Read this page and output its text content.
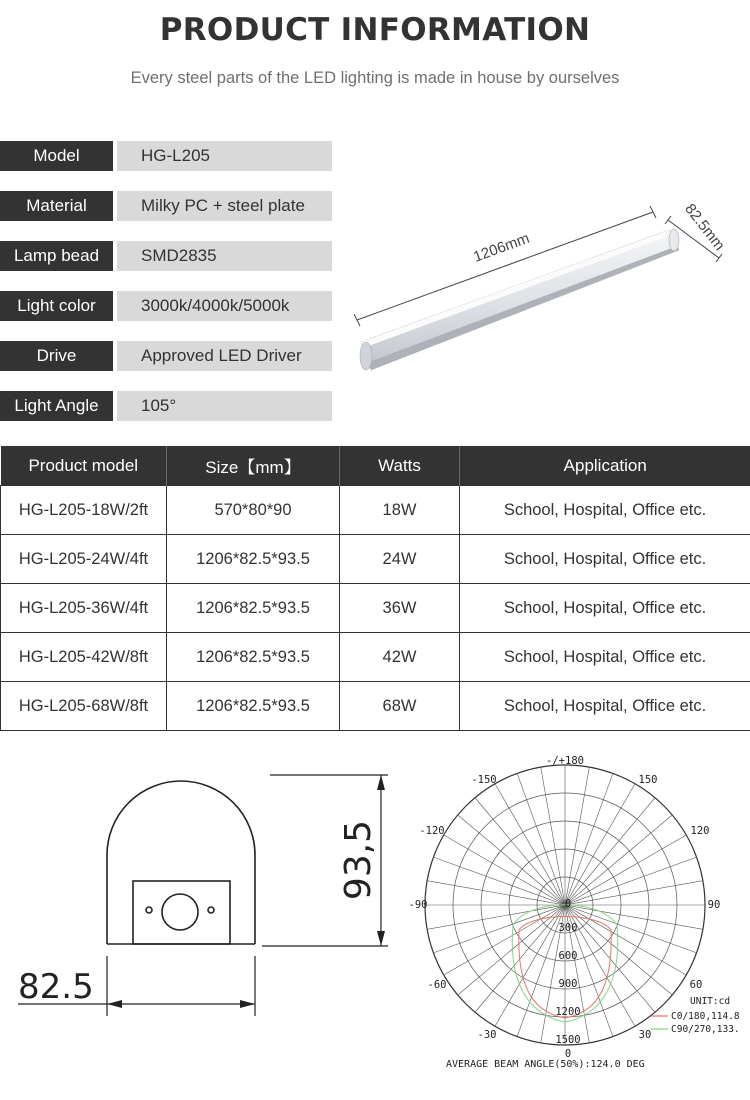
PRODUCT INFORMATION
Every steel parts of the LED lighting is made in house by ourselves
Model	HG-L205
Material	Milky PC + steel plate
Lamp bead	SMD2835
Light color	3000k/4000k/5000k
Drive	Approved LED Driver
Light Angle	105°
1206mm	82.5mm
Product model	Size【mm】	Watts	Application
HG-L205-18W/2ft	570*80*90	18W	School, Hospital, Office etc.
HG-L205-24W/4ft	1206*82.5*93.5	24W	School, Hospital, Office etc.
HG-L205-36W/4ft	1206*82.5*93.5	36W	School, Hospital, Office etc.
HG-L205-42W/8ft	1206*82.5*93.5	42W	School, Hospital, Office etc.
HG-L205-68W/8ft	1206*82.5*93.5	68W	School, Hospital, Office etc.
93,5
82.5
-/+180
-150	150
-120	120
-90	90
-60	60
-30	30
0
300
600
900
1200
1500
0
UNIT:cd
C0/180,114.8
C90/270,133.
AVERAGE BEAM ANGLE(50%):124.0 DEG
